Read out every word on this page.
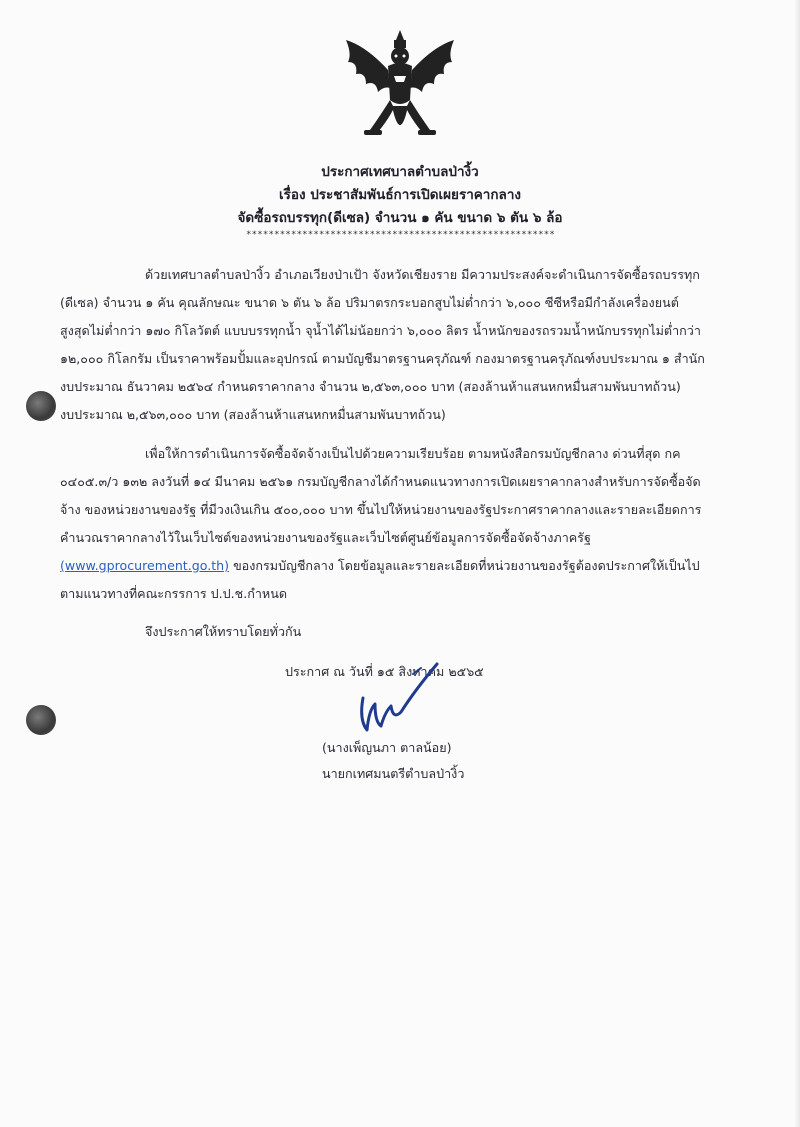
ประกาศเทศบาลตำบลป่างิ้ว
เรื่อง ประชาสัมพันธ์การเปิดเผยราคากลาง
จัดซื้อรถบรรทุก(ดีเซล) จำนวน ๑ คัน ขนาด ๖ ตัน ๖ ล้อ
*******************************************************
ด้วยเทศบาลตำบลป่างิ้ว อำเภอเวียงป่าเป้า จังหวัดเชียงราย มีความประสงค์จะดำเนินการจัดซื้อรถบรรทุก
(ดีเซล) จำนวน ๑ คัน คุณลักษณะ ขนาด ๖ ตัน ๖ ล้อ ปริมาตรกระบอกสูบไม่ต่ำกว่า ๖,๐๐๐ ซีซีหรือมีกำลังเครื่องยนต์
สูงสุดไม่ต่ำกว่า ๑๗๐ กิโลวัตต์ แบบบรรทุกน้ำ จุน้ำได้ไม่น้อยกว่า ๖,๐๐๐ ลิตร น้ำหนักของรถรวมน้ำหนักบรรทุกไม่ต่ำกว่า
๑๒,๐๐๐ กิโลกรัม เป็นราคาพร้อมปั้มและอุปกรณ์ ตามบัญชีมาตรฐานครุภัณฑ์ กองมาตรฐานครุภัณฑ์งบประมาณ ๑ สำนัก
งบประมาณ ธันวาคม ๒๕๖๔ กำหนดราคากลาง จำนวน ๒,๕๖๓,๐๐๐ บาท (สองล้านห้าแสนหกหมื่นสามพันบาทถ้วน)
งบประมาณ ๒,๕๖๓,๐๐๐ บาท (สองล้านห้าแสนหกหมื่นสามพันบาทถ้วน)
เพื่อให้การดำเนินการจัดซื้อจัดจ้างเป็นไปด้วยความเรียบร้อย ตามหนังสือกรมบัญชีกลาง ด่วนที่สุด กค
๐๔๐๕.๓/ว ๑๓๒ ลงวันที่ ๑๔ มีนาคม ๒๕๖๑ กรมบัญชีกลางได้กำหนดแนวทางการเปิดเผยราคากลางสำหรับการจัดซื้อจัด
จ้าง ของหน่วยงานของรัฐ ที่มีวงเงินเกิน ๕๐๐,๐๐๐ บาท ขึ้นไปให้หน่วยงานของรัฐประกาศราคากลางและรายละเอียดการ
คำนวณราคากลางไว้ในเว็บไซต์ของหน่วยงานของรัฐและเว็บไซต์ศูนย์ข้อมูลการจัดซื้อจัดจ้างภาครัฐ
(www.gprocurement.go.th) ของกรมบัญชีกลาง โดยข้อมูลและรายละเอียดที่หน่วยงานของรัฐต้องดประกาศให้เป็นไป
ตามแนวทางที่คณะกรรการ ป.ป.ช.กำหนด
จึงประกาศให้ทราบโดยทั่วกัน
ประกาศ ณ วันที่ ๑๕ สิงหาคม ๒๕๖๕
(นางเพ็ญนภา ตาลน้อย)
นายกเทศมนตรีตำบลป่างิ้ว
